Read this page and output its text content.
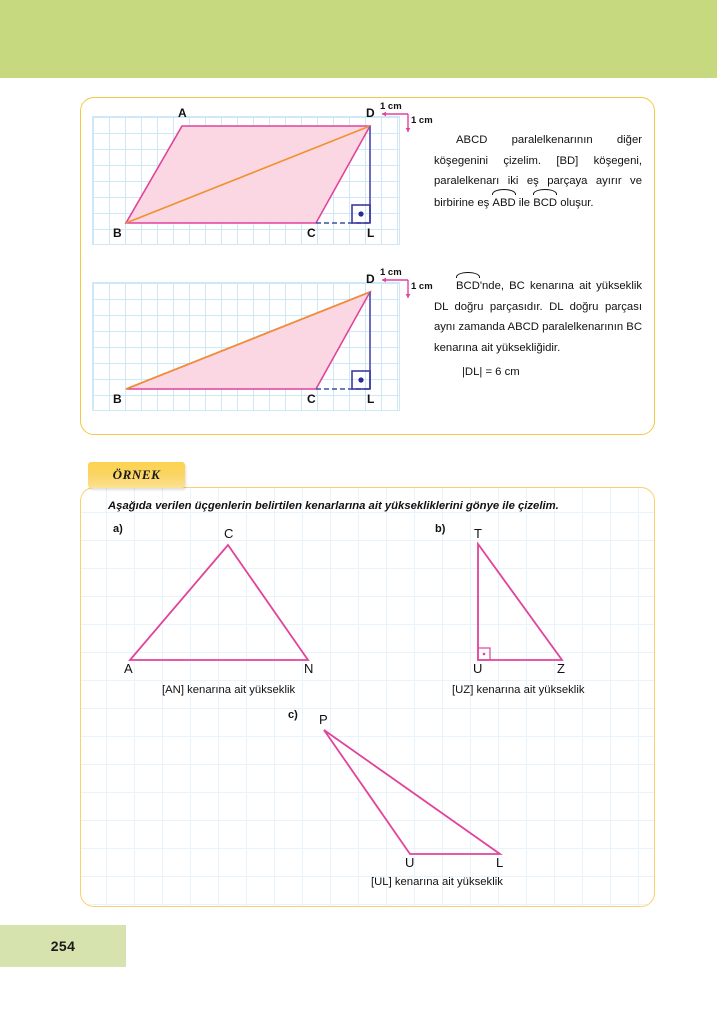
A	D
B	C	L
1 cm
1 cm
ABCD paralelkenarının diğer köşegenini çizelim. [BD] köşegeni, paralelkenarı iki eş parçaya ayırır ve birbirine eş ABD ile BCD oluşur.
D
B	C	L
1 cm
1 cm	BCD'nde, BC kenarına ait yükseklik DL doğru parçasıdır. DL doğru parçası aynı zamanda ABCD paralelkenarının BC kenarına ait yüksekliğidir.
|DL| = 6 cm
ÖRNEK
Aşağıda verilen üçgenlerin belirtilen kenarlarına ait yüksekliklerini gönye ile çizelim.
a)	C
A	N
[AN] kenarına ait yükseklik
b) T
U	Z
[UZ] kenarına ait yükseklik
c) P
U	L
[UL] kenarına ait yükseklik
254
